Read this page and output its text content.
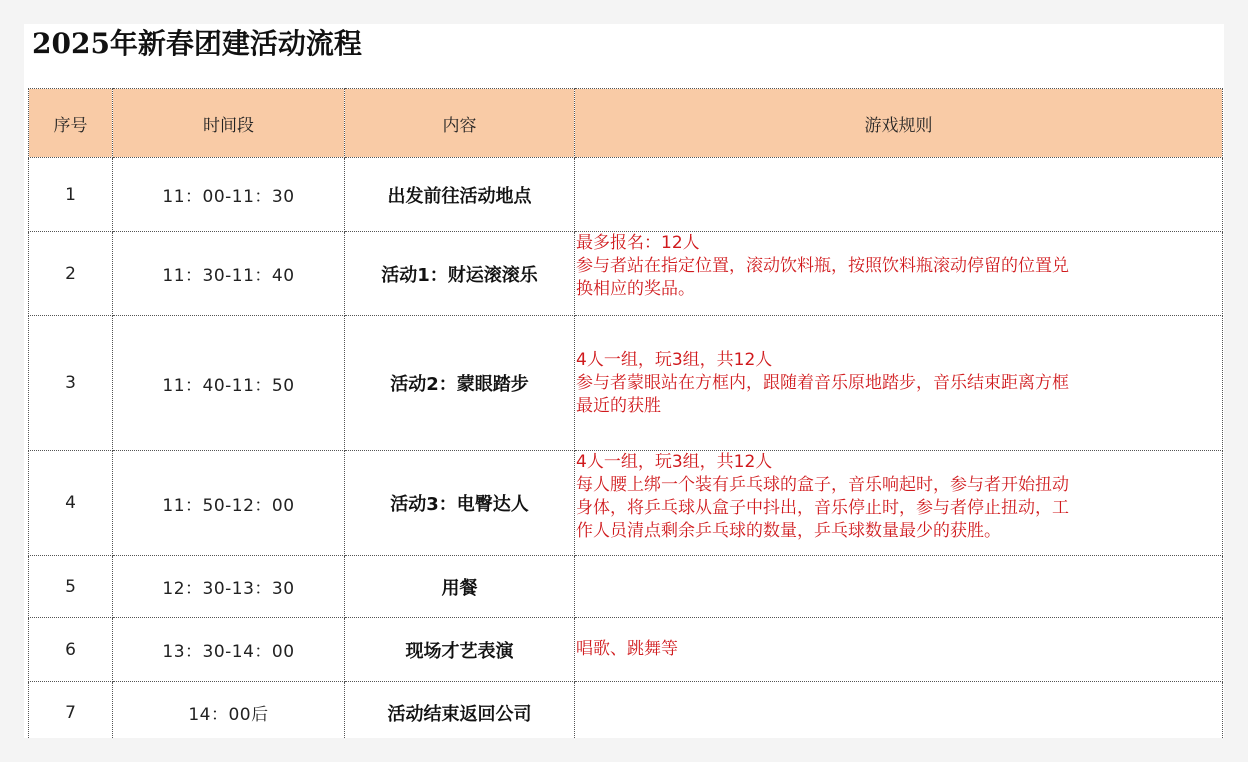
2025年新春团建活动流程
序号	时间段	内容	游戏规则
1	11：00-11：30	出发前往活动地点	
2	11：30-11：40	活动1：财运滚滚乐	最多报名：12人
参与者站在指定位置，滚动饮料瓶，按照饮料瓶滚动停留的位置兑
换相应的奖品。

3	11：40-11：50	活动2：蒙眼踏步	4人一组，玩3组，共12人
参与者蒙眼站在方框内，跟随着音乐原地踏步，音乐结束距离方框
最近的获胜

4	11：50-12：00	活动3：电臀达人	4人一组，玩3组，共12人
每人腰上绑一个装有乒乓球的盒子，音乐响起时，参与者开始扭动
身体，将乒乓球从盒子中抖出，音乐停止时，参与者停止扭动，工
作人员清点剩余乒乓球的数量，乒乓球数量最少的获胜。

5	12：30-13：30	用餐	
6	13：30-14：00	现场才艺表演	唱歌、跳舞等

7	14：00后	活动结束返回公司	
